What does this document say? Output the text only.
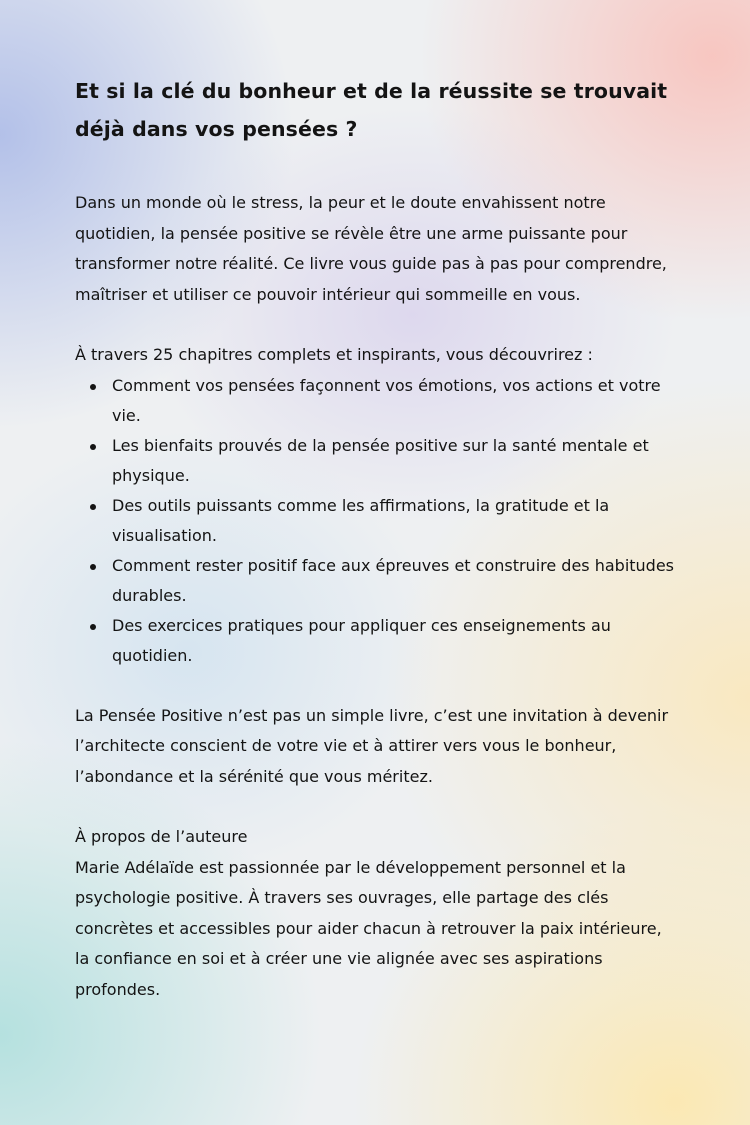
Et si la clé du bonheur et de la réussite se trouvait déjà dans vos pensées ?

Dans un monde où le stress, la peur et le doute envahissent notre quotidien, la pensée positive se révèle être une arme puissante pour transformer notre réalité. Ce livre vous guide pas à pas pour comprendre, maîtriser et utiliser ce pouvoir intérieur qui sommeille en vous.

À travers 25 chapitres complets et inspirants, vous découvrirez :

Comment vos pensées façonnent vos émotions, vos actions et votre vie.
Les bienfaits prouvés de la pensée positive sur la santé mentale et physique.
Des outils puissants comme les affirmations, la gratitude et la visualisation.
Comment rester positif face aux épreuves et construire des habitudes durables.
Des exercices pratiques pour appliquer ces enseignements au quotidien.

La Pensée Positive n’est pas un simple livre, c’est une invitation à devenir l’architecte conscient de votre vie et à attirer vers vous le bonheur, l’abondance et la sérénité que vous méritez.

À propos de l’auteure

Marie Adélaïde est passionnée par le développement personnel et la psychologie positive. À travers ses ouvrages, elle partage des clés concrètes et accessibles pour aider chacun à retrouver la paix intérieure, la confiance en soi et à créer une vie alignée avec ses aspirations profondes.
